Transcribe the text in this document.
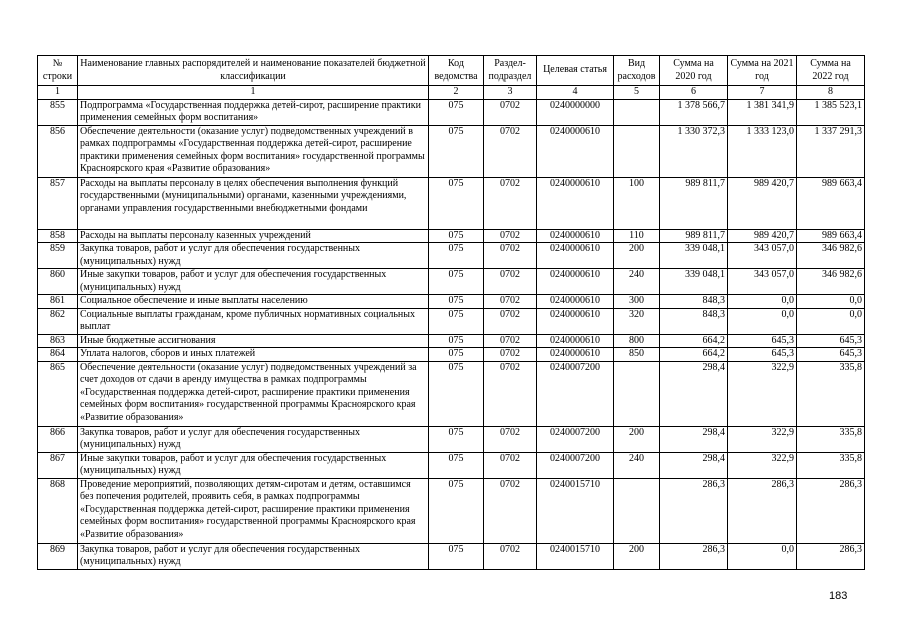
№
строки	Наименование главных распорядителей и наименование показателей бюджетной классификации	Код ведомства	Раздел-подраздел	Целевая статья	Вид расходов	Сумма на 2020 год	Сумма на 2021 год	Сумма на 2022 год
1	1	2	3	4	5	6	7	8
855	Подпрограмма «Государственная поддержка детей-сирот, расширение практики применения семейных форм воспитания»	075	0702	0240000000		1 378 566,7	1 381 341,9	1 385 523,1
856	Обеспечение деятельности (оказание услуг) подведомственных учреждений в рамках подпрограммы «Государственная поддержка детей-сирот, расширение практики применения семейных форм воспитания» государственной программы Красноярского края «Развитие образования»	075	0702	0240000610		1 330 372,3	1 333 123,0	1 337 291,3
857	Расходы на выплаты персоналу в целях обеспечения выполнения функций государственными (муниципальными) органами, казенными учреждениями, органами управления государственными внебюджетными фондами	075	0702	0240000610	100	989 811,7	989 420,7	989 663,4
858	Расходы на выплаты персоналу казенных учреждений	075	0702	0240000610	110	989 811,7	989 420,7	989 663,4
859	Закупка товаров, работ и услуг для обеспечения государственных (муниципальных) нужд	075	0702	0240000610	200	339 048,1	343 057,0	346 982,6
860	Иные закупки товаров, работ и услуг для обеспечения государственных (муниципальных) нужд	075	0702	0240000610	240	339 048,1	343 057,0	346 982,6
861	Социальное обеспечение и иные выплаты населению	075	0702	0240000610	300	848,3	0,0	0,0
862	Социальные выплаты гражданам, кроме публичных нормативных социальных выплат	075	0702	0240000610	320	848,3	0,0	0,0
863	Иные бюджетные ассигнования	075	0702	0240000610	800	664,2	645,3	645,3
864	Уплата налогов, сборов и иных платежей	075	0702	0240000610	850	664,2	645,3	645,3
865	Обеспечение деятельности (оказание услуг) подведомственных учреждений за счет доходов от сдачи в аренду имущества в рамках подпрограммы «Государственная поддержка детей-сирот, расширение практики применения семейных форм воспитания» государственной программы Красноярского края «Развитие образования»	075	0702	0240007200		298,4	322,9	335,8
866	Закупка товаров, работ и услуг для обеспечения государственных (муниципальных) нужд	075	0702	0240007200	200	298,4	322,9	335,8
867	Иные закупки товаров, работ и услуг для обеспечения государственных (муниципальных) нужд	075	0702	0240007200	240	298,4	322,9	335,8
868	Проведение мероприятий, позволяющих детям-сиротам и детям, оставшимся без попечения родителей, проявить себя, в рамках подпрограммы «Государственная поддержка детей-сирот, расширение практики применения семейных форм воспитания» государственной программы Красноярского края «Развитие образования»	075	0702	0240015710		286,3	286,3	286,3
869	Закупка товаров, работ и услуг для обеспечения государственных (муниципальных) нужд	075	0702	0240015710	200	286,3	0,0	286,3
183
